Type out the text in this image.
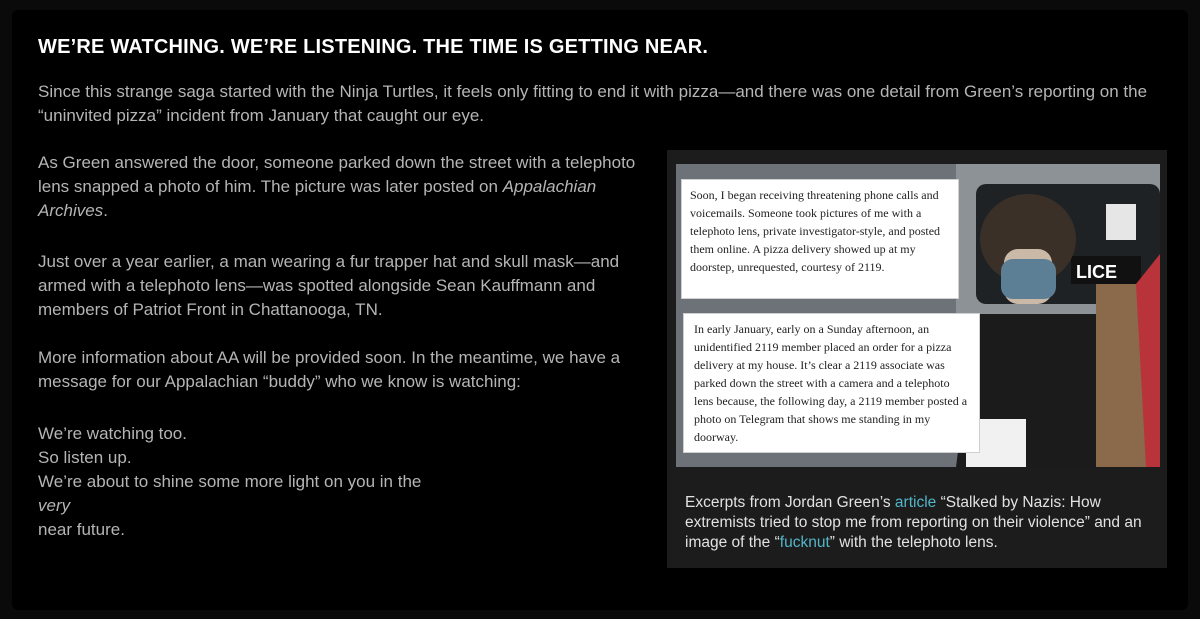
WE’RE WATCHING. WE’RE LISTENING. THE TIME IS GETTING NEAR.

Since this strange saga started with the Ninja Turtles, it feels only fitting to end it with pizza—and there was one detail from Green’s reporting on the “uninvited pizza” incident from January that caught our eye.

As Green answered the door, someone parked down the street with a telephoto lens snapped a photo of him. The picture was later posted on Appalachian Archives.

Just over a year earlier, a man wearing a fur trapper hat and skull mask—and armed with a telephoto lens—was spotted alongside Sean Kauffmann and members of Patriot Front in Chattanooga, TN.

More information about AA will be provided soon. In the meantime, we have a message for our Appalachian “buddy” who we know is watching:

We’re watching too.
So listen up.
We’re about to shine some more light on you in the
very
near future.

LICE
Soon, I began receiving threatening phone calls and voicemails. Someone took pictures of me with a telephoto lens, private investigator-style, and posted them online. A pizza delivery showed up at my doorstep, unrequested, courtesy of 2119.
In early January, early on a Sunday afternoon, an unidentified 2119 member placed an order for a pizza delivery at my house. It’s clear a 2119 associate was parked down the street with a camera and a telephoto lens because, the following day, a 2119 member posted a photo on Telegram that shows me standing in my doorway.

Excerpts from Jordan Green’s article “Stalked by Nazis: How extremists tried to stop me from reporting on their violence” and an image of the “fucknut” with the telephoto lens.
